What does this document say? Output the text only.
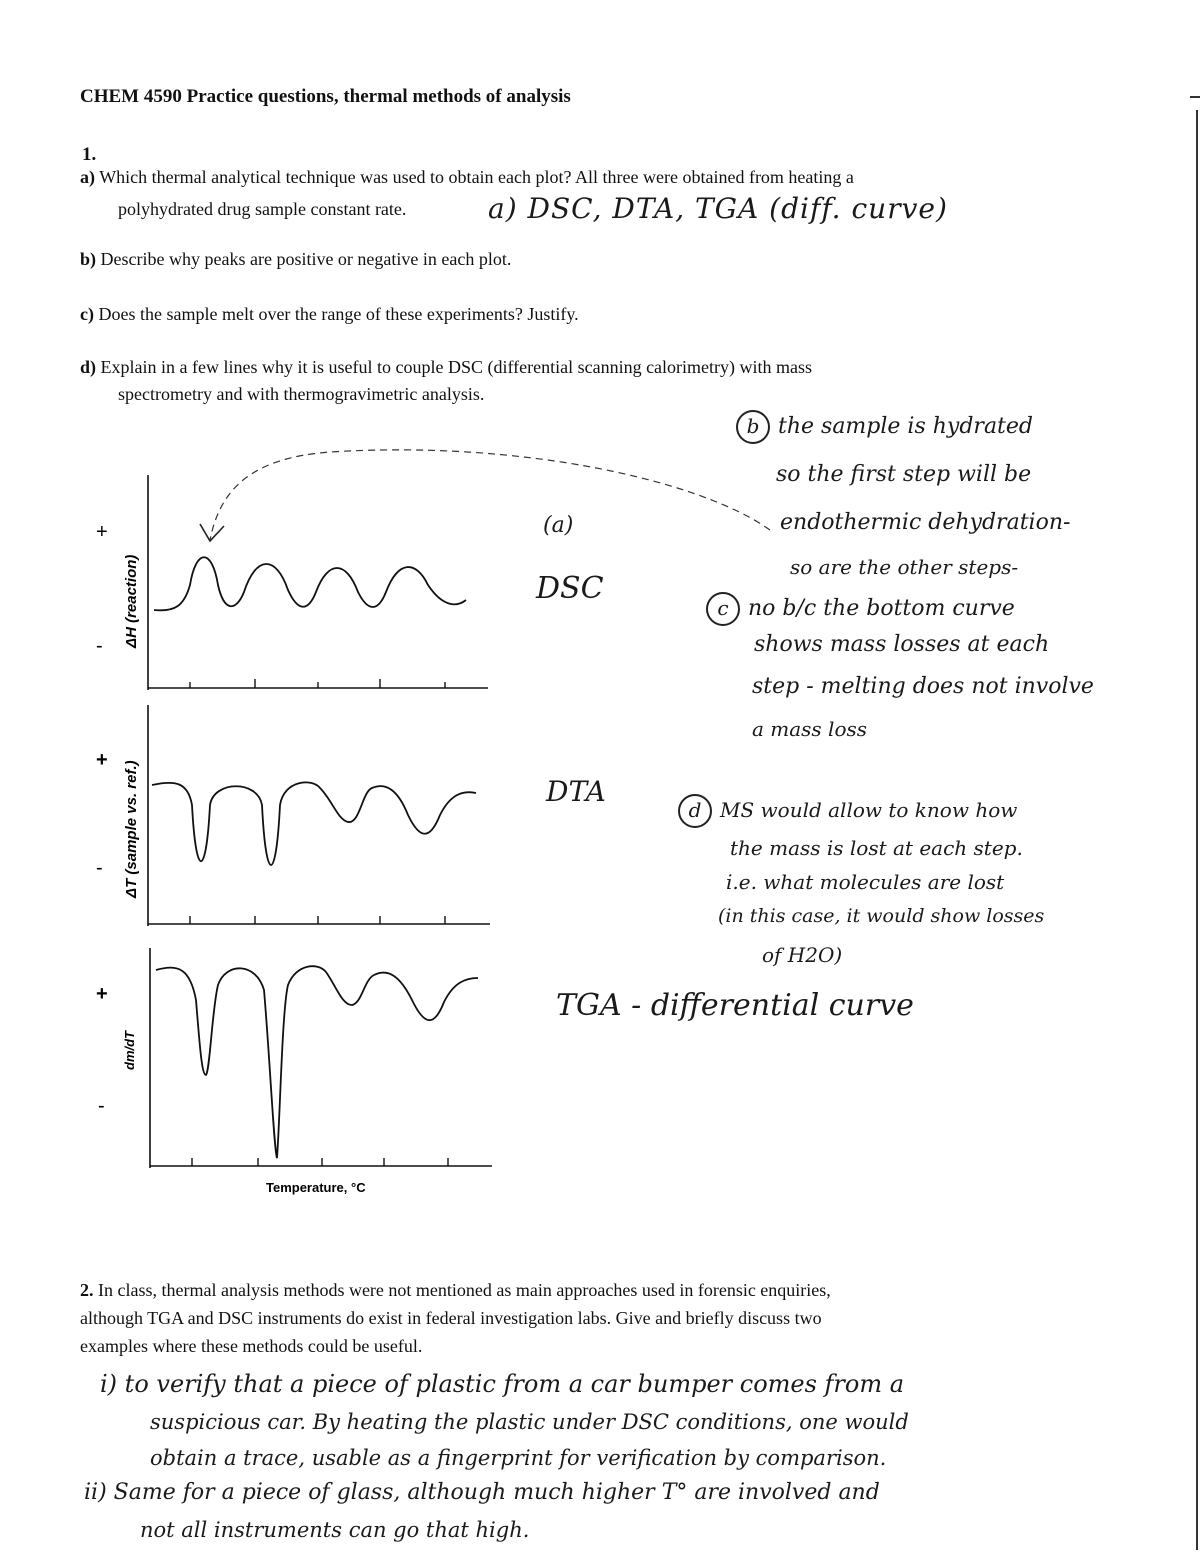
CHEM 4590 Practice questions, thermal methods of analysis
1.
a) Which thermal analytical technique was used to obtain each plot? All three were obtained from heating a
polyhydrated drug sample constant rate.	a) DSC, DTA, TGA (diff. curve)
b) Describe why peaks are positive or negative in each plot.
c) Does the sample melt over the range of these experiments? Justify.
d) Explain in a few lines why it is useful to couple DSC (differential scanning calorimetry) with mass
spectrometry and with thermogravimetric analysis.
b the sample is hydrated
so the first step will be
endothermic dehydration-
so are the other steps-
(a)
DSC
c no b/c the bottom curve
shows mass losses at each
step - melting does not involve
a mass loss
DTA
d MS would allow to know how
the mass is lost at each step.
i.e. what molecules are lost
(in this case, it would show losses
of H2O)
TGA - differential curve
+
- ΔH (reaction)
+
- ΔT (sample vs. ref.)
+
-
dm/dT
Temperature, °C
2. In class, thermal analysis methods were not mentioned as main approaches used in forensic enquiries,
although TGA and DSC instruments do exist in federal investigation labs. Give and briefly discuss two
examples where these methods could be useful.
i) to verify that a piece of plastic from a car bumper comes from a
suspicious car. By heating the plastic under DSC conditions, one would
obtain a trace, usable as a fingerprint for verification by comparison.
ii) Same for a piece of glass, although much higher T° are involved and
not all instruments can go that high.
